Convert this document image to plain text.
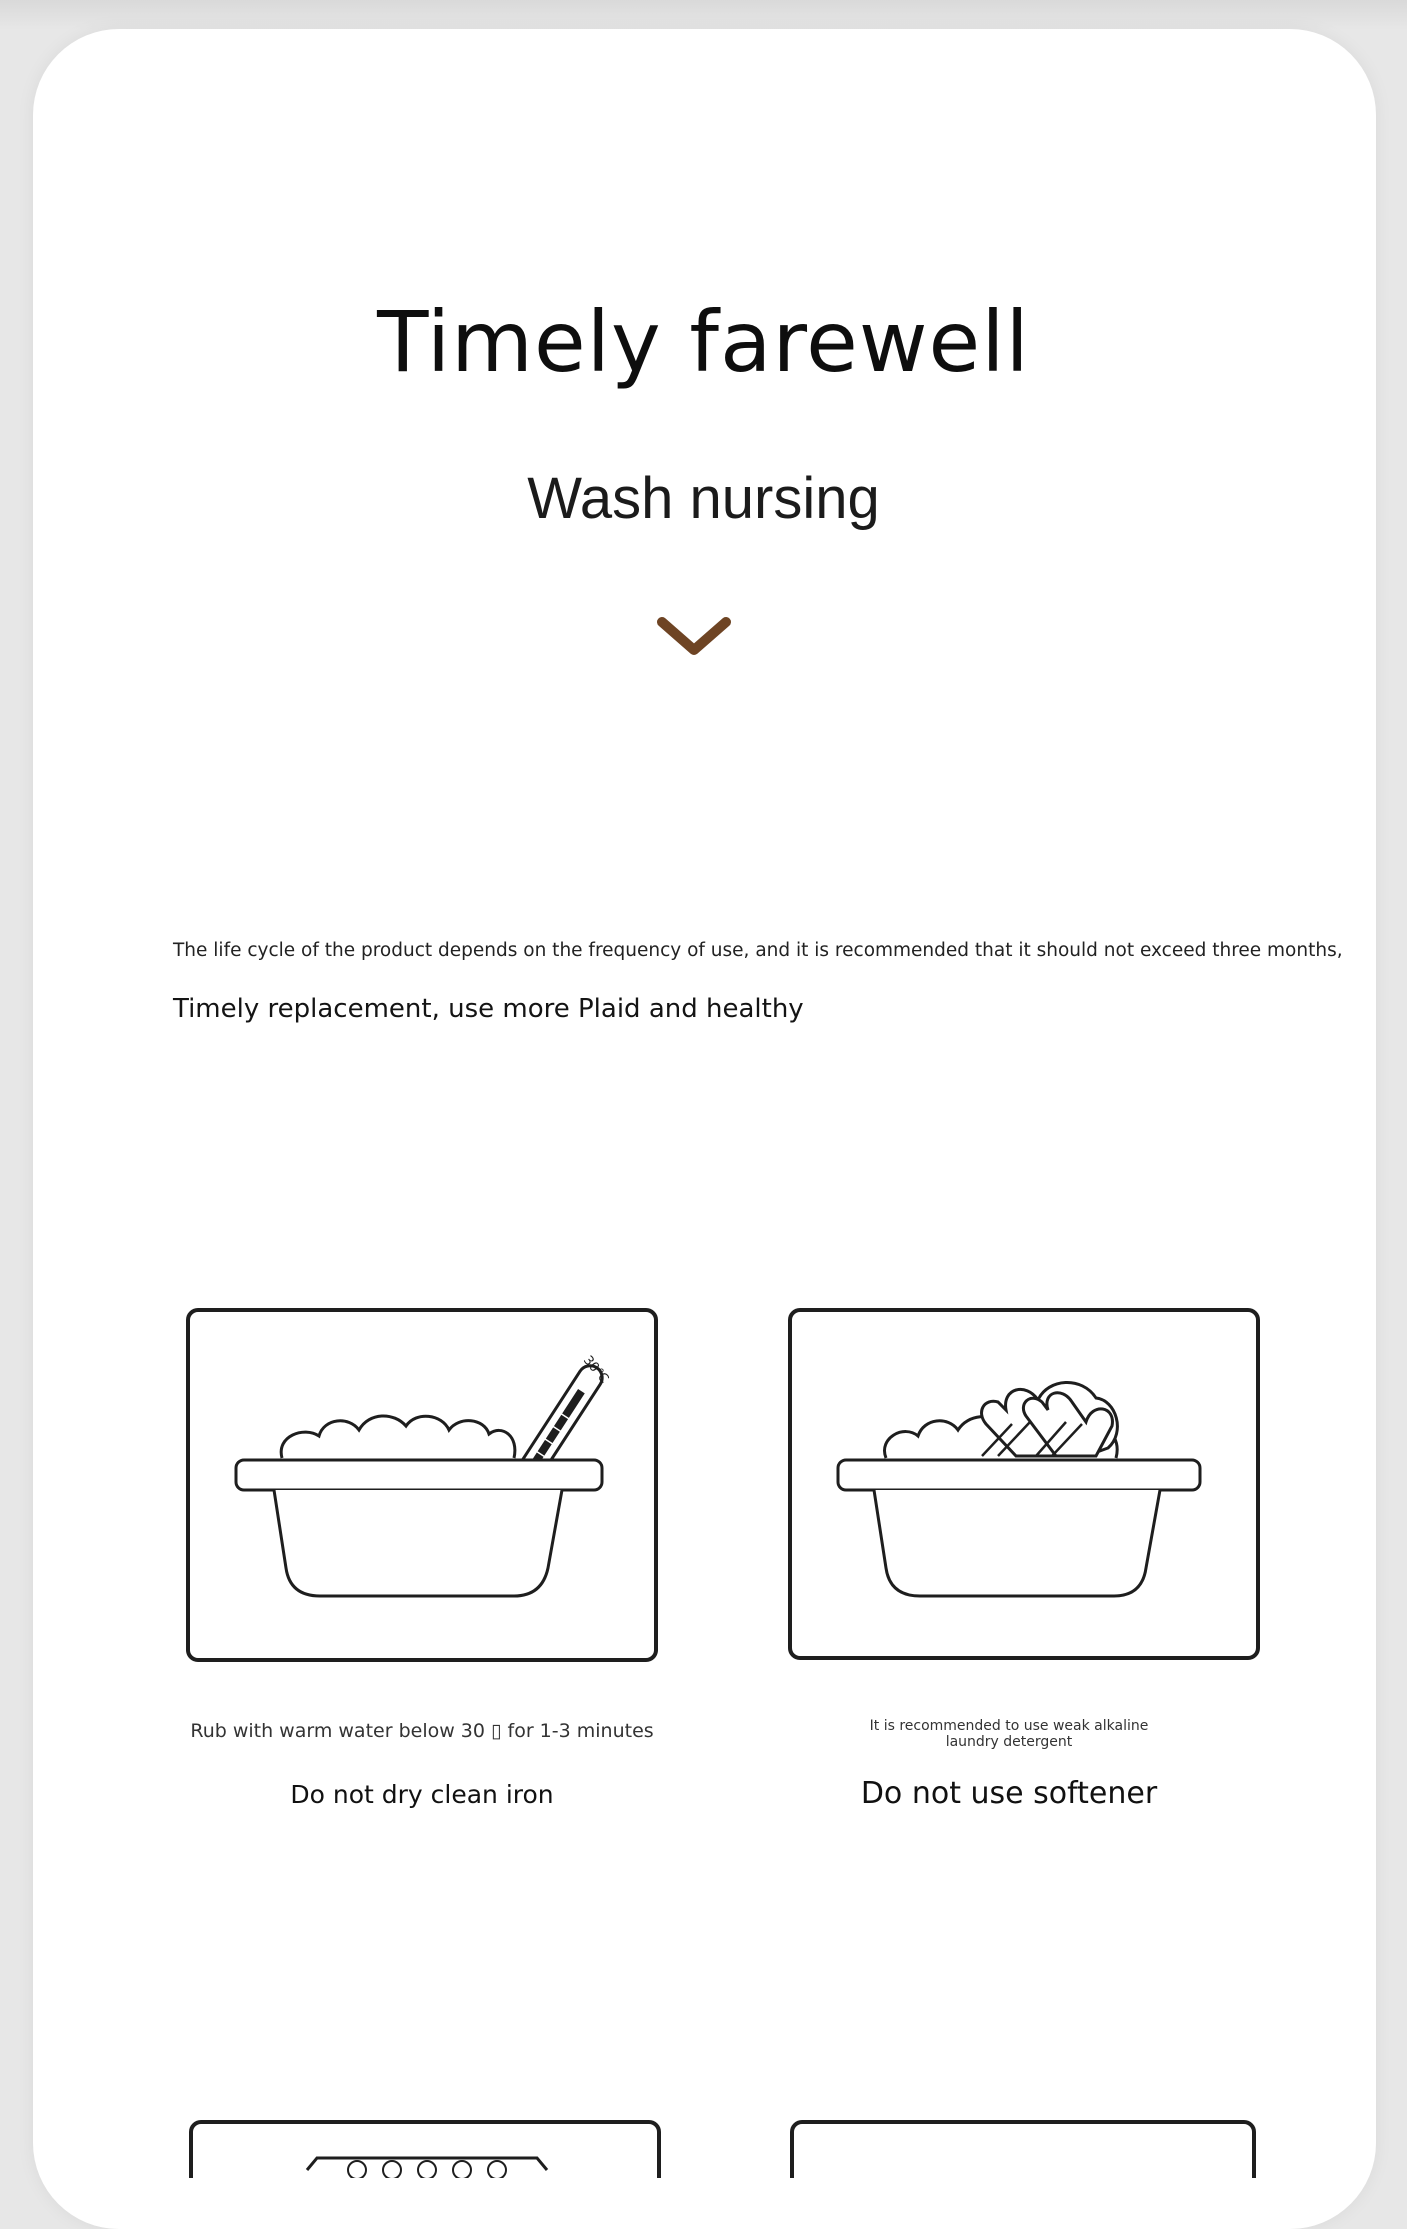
Timely farewell
Wash nursing
The life cycle of the product depends on the frequency of use, and it is recommended that it should not exceed three months,
Timely replacement, use more Plaid and healthy
30℃
Rub with warm water below 30 ▯ for 1-3 minutes
Do not dry clean iron
It is recommended to use weak alkaline laundry detergent
Do not use softener
